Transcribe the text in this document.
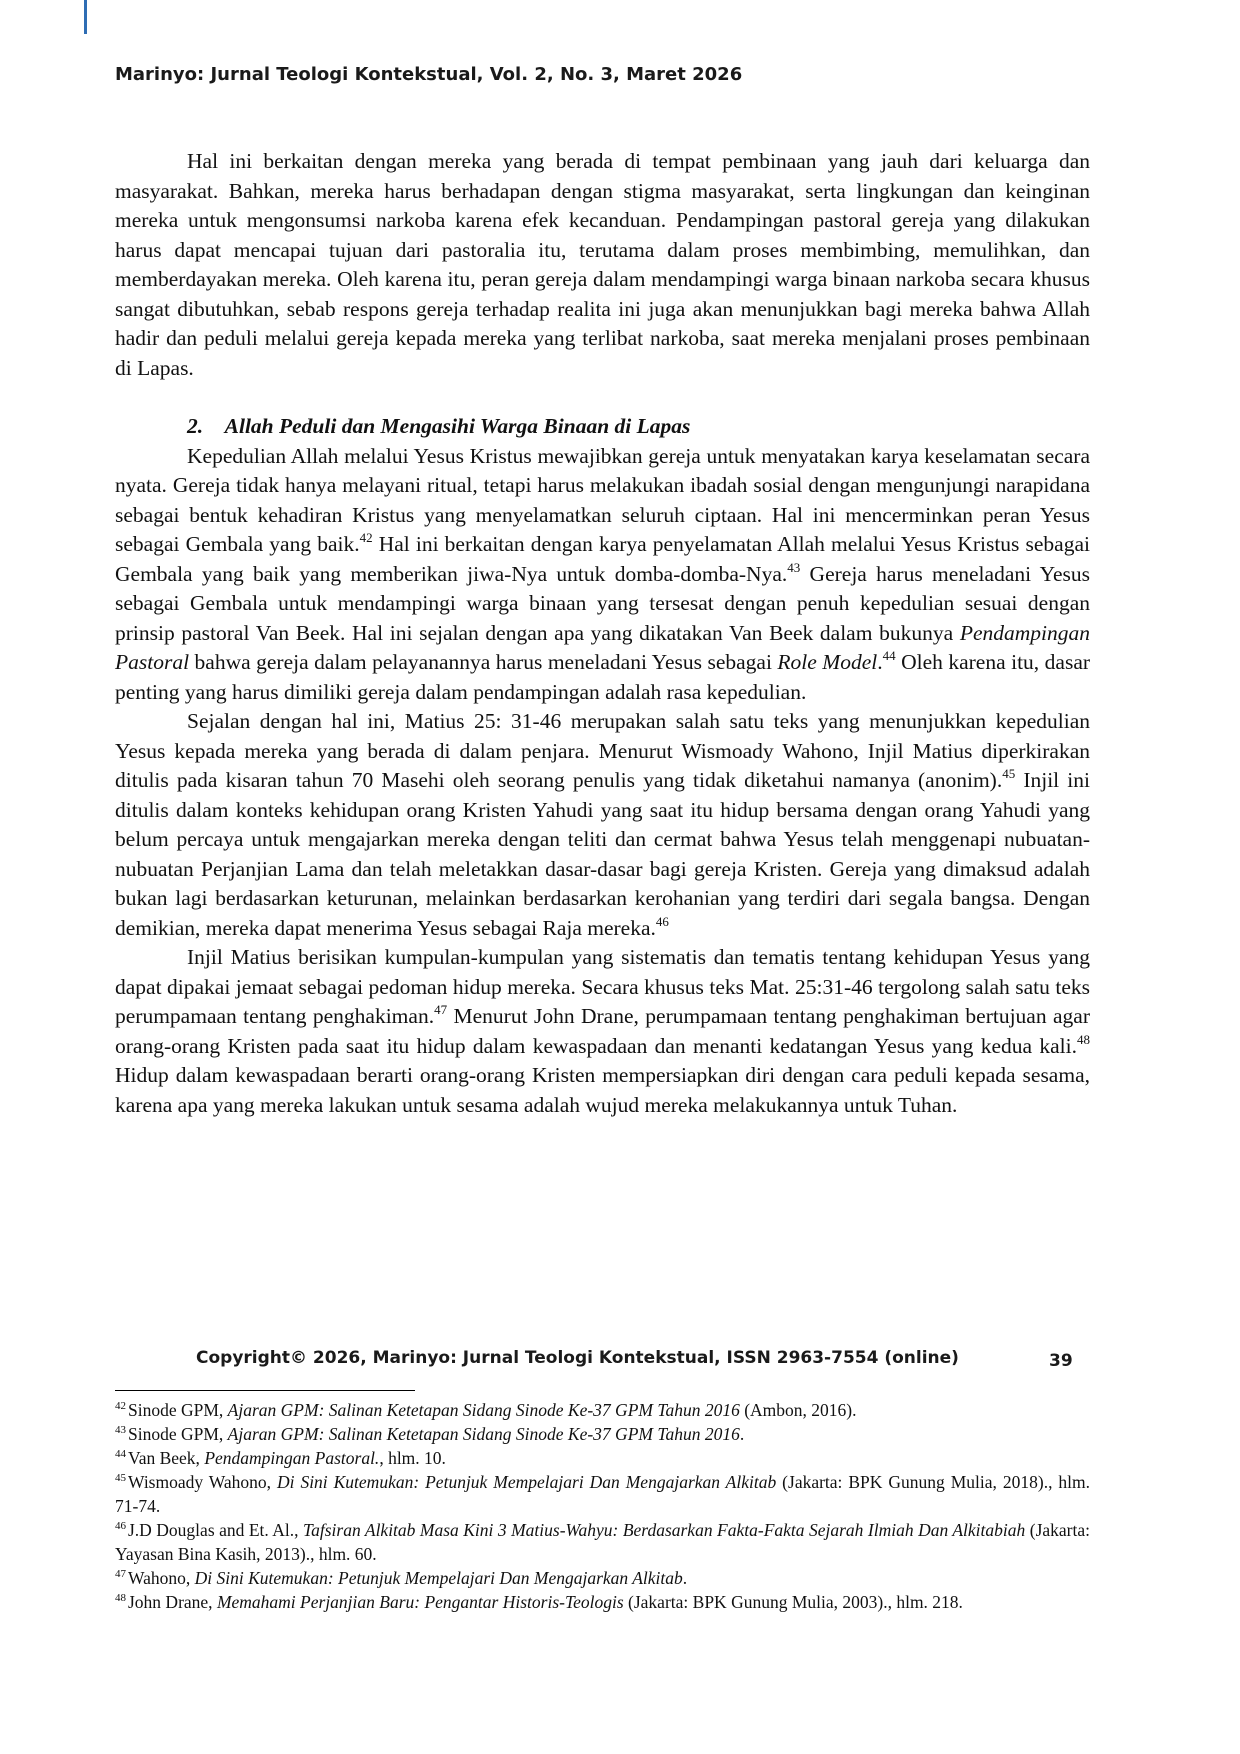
Marinyo: Jurnal Teologi Kontekstual, Vol. 2, No. 3, Maret 2026

Hal ini berkaitan dengan mereka yang berada di tempat pembinaan yang jauh dari keluarga dan masyarakat. Bahkan, mereka harus berhadapan dengan stigma masyarakat, serta lingkungan dan keinginan mereka untuk mengonsumsi narkoba karena efek kecanduan. Pendampingan pastoral gereja yang dilakukan harus dapat mencapai tujuan dari pastoralia itu, terutama dalam proses membimbing, memulihkan, dan memberdayakan mereka. Oleh karena itu, peran gereja dalam mendampingi warga binaan narkoba secara khusus sangat dibutuhkan, sebab respons gereja terhadap realita ini juga akan menunjukkan bagi mereka bahwa Allah hadir dan peduli melalui gereja kepada mereka yang terlibat narkoba, saat mereka menjalani proses pembinaan di Lapas.

2. Allah Peduli dan Mengasihi Warga Binaan di Lapas

Kepedulian Allah melalui Yesus Kristus mewajibkan gereja untuk menyatakan karya keselamatan secara nyata. Gereja tidak hanya melayani ritual, tetapi harus melakukan ibadah sosial dengan mengunjungi narapidana sebagai bentuk kehadiran Kristus yang menyelamatkan seluruh ciptaan. Hal ini mencerminkan peran Yesus sebagai Gembala yang baik.$^{42}$ Hal ini berkaitan dengan karya penyelamatan Allah melalui Yesus Kristus sebagai Gembala yang baik yang memberikan jiwa-Nya untuk domba-domba-Nya.$^{43}$ Gereja harus meneladani Yesus sebagai Gembala untuk mendampingi warga binaan yang tersesat dengan penuh kepedulian sesuai dengan prinsip pastoral Van Beek. Hal ini sejalan dengan apa yang dikatakan Van Beek dalam bukunya Pendampingan Pastoral bahwa gereja dalam pelayanannya harus meneladani Yesus sebagai Role Model.$^{44}$ Oleh karena itu, dasar penting yang harus dimiliki gereja dalam pendampingan adalah rasa kepedulian.

Sejalan dengan hal ini, Matius 25: 31-46 merupakan salah satu teks yang menunjukkan kepedulian Yesus kepada mereka yang berada di dalam penjara. Menurut Wismoady Wahono, Injil Matius diperkirakan ditulis pada kisaran tahun 70 Masehi oleh seorang penulis yang tidak diketahui namanya (anonim).$^{45}$ Injil ini ditulis dalam konteks kehidupan orang Kristen Yahudi yang saat itu hidup bersama dengan orang Yahudi yang belum percaya untuk mengajarkan mereka dengan teliti dan cermat bahwa Yesus telah menggenapi nubuatan-nubuatan Perjanjian Lama dan telah meletakkan dasar-dasar bagi gereja Kristen. Gereja yang dimaksud adalah bukan lagi berdasarkan keturunan, melainkan berdasarkan kerohanian yang terdiri dari segala bangsa. Dengan demikian, mereka dapat menerima Yesus sebagai Raja mereka.$^{46}$

Injil Matius berisikan kumpulan-kumpulan yang sistematis dan tematis tentang kehidupan Yesus yang dapat dipakai jemaat sebagai pedoman hidup mereka. Secara khusus teks Mat. 25:31-46 tergolong salah satu teks perumpamaan tentang penghakiman.$^{47}$ Menurut John Drane, perumpamaan tentang penghakiman bertujuan agar orang-orang Kristen pada saat itu hidup dalam kewaspadaan dan menanti kedatangan Yesus yang kedua kali.$^{48}$ Hidup dalam kewaspadaan berarti orang-orang Kristen mempersiapkan diri dengan cara peduli kepada sesama, karena apa yang mereka lakukan untuk sesama adalah wujud mereka melakukannya untuk Tuhan.

Copyright© 2026, Marinyo: Jurnal Teologi Kontekstual, ISSN 2963-7554 (online)	39

$^{42}$ Sinode GPM, Ajaran GPM: Salinan Ketetapan Sidang Sinode Ke-37 GPM Tahun 2016 (Ambon, 2016).

$^{43}$ Sinode GPM, Ajaran GPM: Salinan Ketetapan Sidang Sinode Ke-37 GPM Tahun 2016.

$^{44}$ Van Beek, Pendampingan Pastoral., hlm. 10.

$^{45}$ Wismoady Wahono, Di Sini Kutemukan: Petunjuk Mempelajari Dan Mengajarkan Alkitab (Jakarta: BPK Gunung Mulia, 2018)., hlm. 71-74.

$^{46}$ J.D Douglas and Et. Al., Tafsiran Alkitab Masa Kini 3 Matius-Wahyu: Berdasarkan Fakta-Fakta Sejarah Ilmiah Dan Alkitabiah (Jakarta: Yayasan Bina Kasih, 2013)., hlm. 60.

$^{47}$ Wahono, Di Sini Kutemukan: Petunjuk Mempelajari Dan Mengajarkan Alkitab.

$^{48}$ John Drane, Memahami Perjanjian Baru: Pengantar Historis-Teologis (Jakarta: BPK Gunung Mulia, 2003)., hlm. 218.
